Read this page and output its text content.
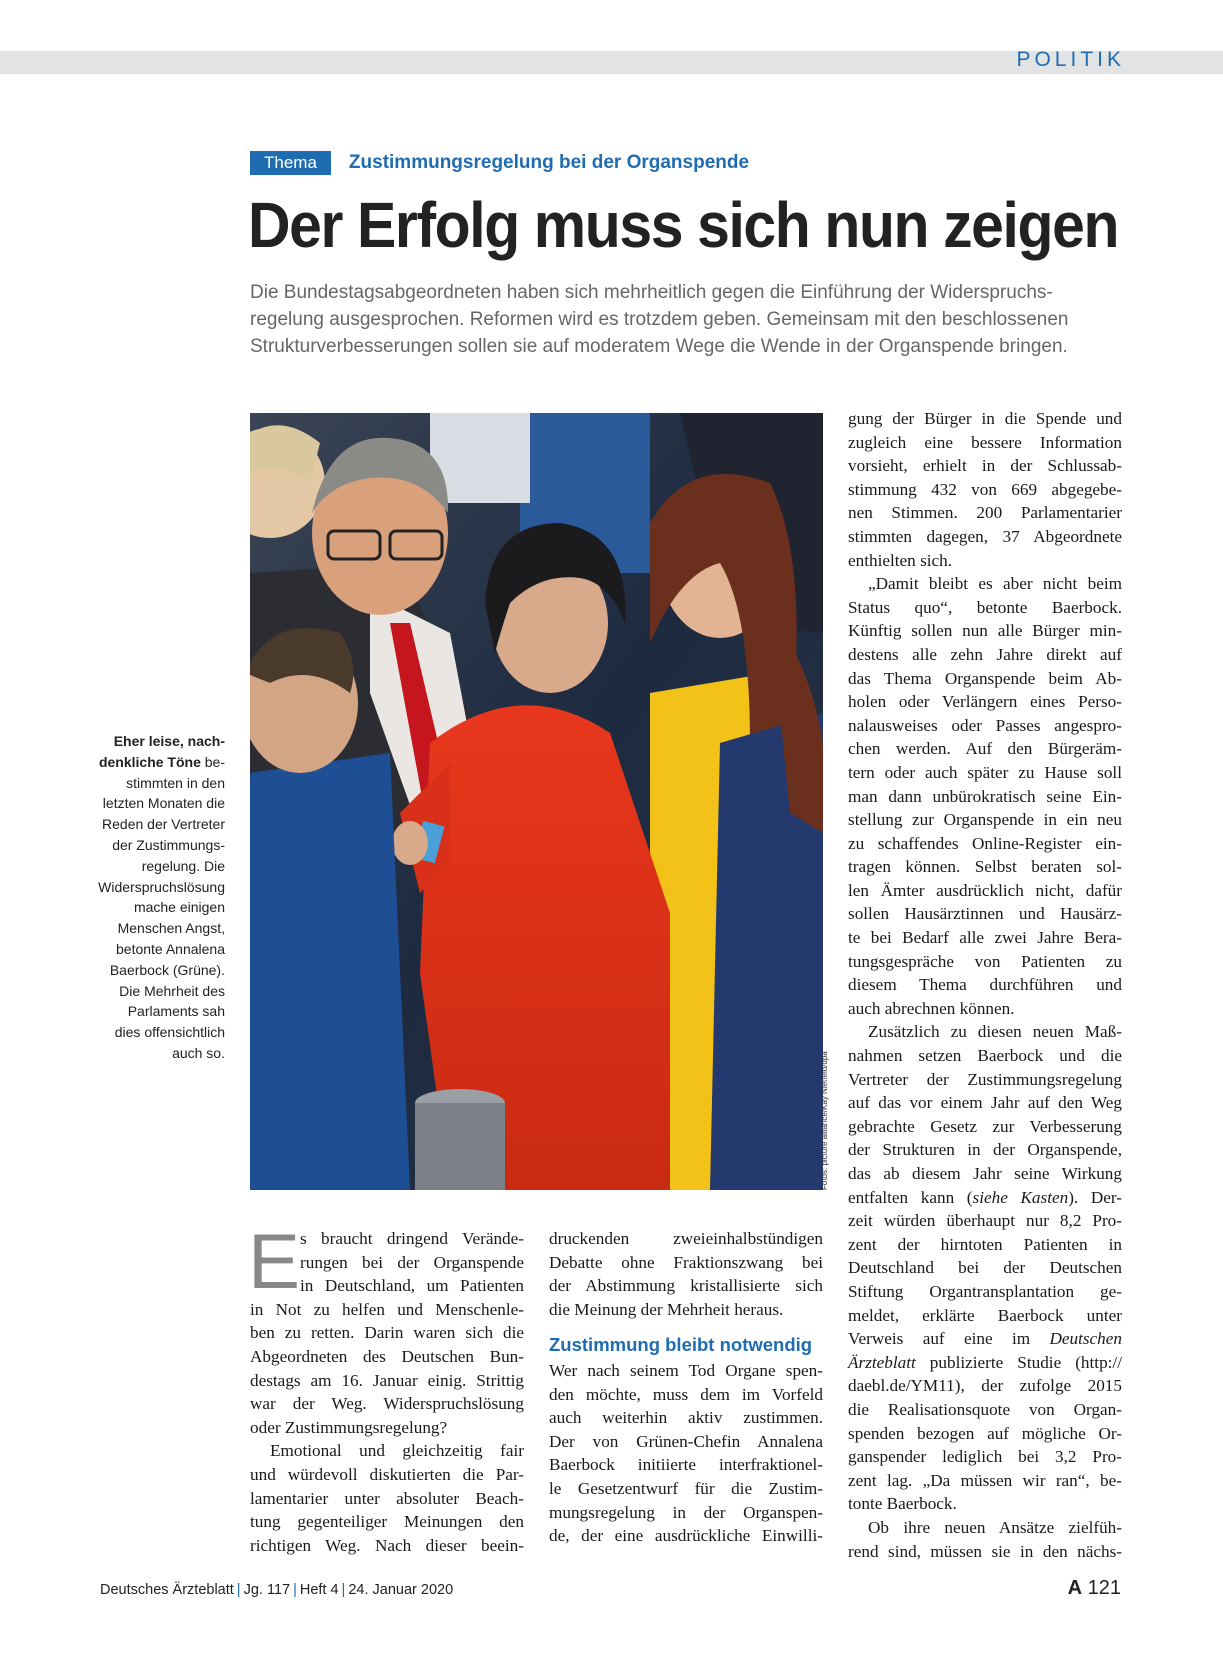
POLITIK
Thema	Zustimmungsregelung bei der Organspende
Der Erfolg muss sich nun zeigen
Die Bundestagsabgeordneten haben sich mehrheitlich gegen die Einführung der Widerspruchs-
regelung ausgesprochen. Reformen wird es trotzdem geben. Gemeinsam mit den beschlossenen
Strukturverbesserungen sollen sie auf moderatem Wege die Wende in der Organspende bringen.
Fotos: picture alliance/Kay Nietfeld/dpa
Eher leise, nach-
denkliche Töne be-
stimmten in den
letzten Monaten die
Reden der Vertreter
der Zustimmungs-
regelung. Die
Widerspruchslösung
mache einigen
Menschen Angst,
betonte Annalena
Baerbock (Grüne).
Die Mehrheit des
Parlaments sah
dies offensichtlich
auch so.
E s braucht dringend Verände-
rungen bei der Organspende
in Deutschland, um Patienten
in Not zu helfen und Menschenle-
ben zu retten. Darin waren sich die
Abgeordneten des Deutschen Bun-
destags am 16. Januar einig. Strittig
war der Weg. Widerspruchslösung
oder Zustimmungsregelung?
Emotional und gleichzeitig fair
und würdevoll diskutierten die Par-
lamentarier unter absoluter Beach-
tung gegenteiliger Meinungen den
richtigen Weg. Nach dieser beein-
druckenden zweieinhalbstündigen
Debatte ohne Fraktionszwang bei
der Abstimmung kristallisierte sich
die Meinung der Mehrheit heraus.
Zustimmung bleibt notwendig
Wer nach seinem Tod Organe spen-
den möchte, muss dem im Vorfeld
auch weiterhin aktiv zustimmen.
Der von Grünen-Chefin Annalena
Baerbock initiierte interfraktionel-
le Gesetzentwurf für die Zustim-
mungsregelung in der Organspen-
de, der eine ausdrückliche Einwilli-
gung der Bürger in die Spende und
zugleich eine bessere Information
vorsieht, erhielt in der Schlussab-
stimmung 432 von 669 abgegebe-
nen Stimmen. 200 Parlamentarier
stimmten dagegen, 37 Abgeordnete
enthielten sich.
„Damit bleibt es aber nicht beim
Status quo“, betonte Baerbock.
Künftig sollen nun alle Bürger min-
destens alle zehn Jahre direkt auf
das Thema Organspende beim Ab-
holen oder Verlängern eines Perso-
nalausweises oder Passes angespro-
chen werden. Auf den Bürgeräm-
tern oder auch später zu Hause soll
man dann unbürokratisch seine Ein-
stellung zur Organspende in ein neu
zu schaffendes Online-Register ein-
tragen können. Selbst beraten sol-
len Ämter ausdrücklich nicht, dafür
sollen Hausärztinnen und Hausärz-
te bei Bedarf alle zwei Jahre Bera-
tungsgespräche von Patienten zu
diesem Thema durchführen und
auch abrechnen können.
Zusätzlich zu diesen neuen Maß-
nahmen setzen Baerbock und die
Vertreter der Zustimmungsregelung
auf das vor einem Jahr auf den Weg
gebrachte Gesetz zur Verbesserung
der Strukturen in der Organspende,
das ab diesem Jahr seine Wirkung
entfalten kann (siehe Kasten). Der-
zeit würden überhaupt nur 8,2 Pro-
zent der hirntoten Patienten in
Deutschland bei der Deutschen
Stiftung Organtransplantation ge-
meldet, erklärte Baerbock unter
Verweis auf eine im Deutschen
Ärzteblatt publizierte Studie (http://
daebl.de/YM11), der zufolge 2015
die Realisationsquote von Organ-
spenden bezogen auf mögliche Or-
ganspender lediglich bei 3,2 Pro-
zent lag. „Da müssen wir ran“, be-
tonte Baerbock.
Ob ihre neuen Ansätze zielfüh-
rend sind, müssen sie in den nächs-
Deutsches Ärzteblatt | Jg. 117 | Heft 4 | 24. Januar 2020	A 121
